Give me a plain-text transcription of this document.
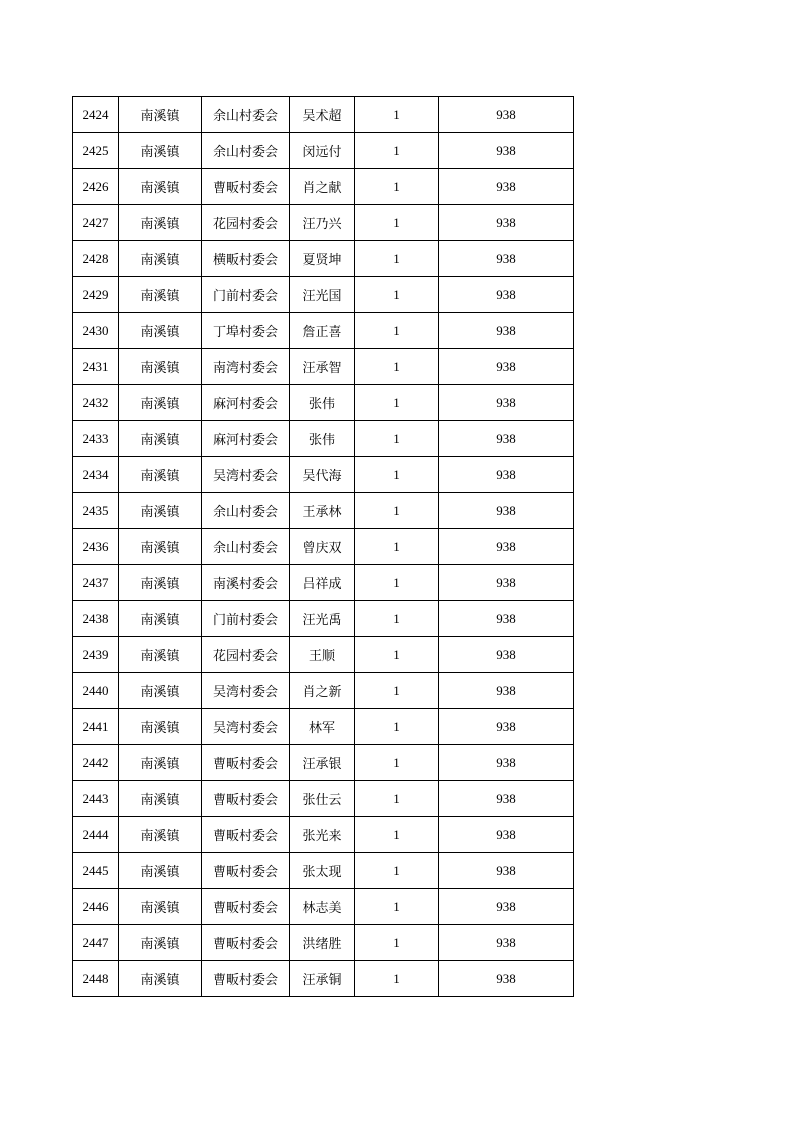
2424	南溪镇	余山村委会	吴术超	1	938
2425	南溪镇	余山村委会	闵远付	1	938
2426	南溪镇	曹畈村委会	肖之献	1	938
2427	南溪镇	花园村委会	汪乃兴	1	938
2428	南溪镇	横畈村委会	夏贤坤	1	938
2429	南溪镇	门前村委会	汪光国	1	938
2430	南溪镇	丁埠村委会	詹正喜	1	938
2431	南溪镇	南湾村委会	汪承智	1	938
2432	南溪镇	麻河村委会	张伟	1	938
2433	南溪镇	麻河村委会	张伟	1	938
2434	南溪镇	吴湾村委会	吴代海	1	938
2435	南溪镇	余山村委会	王承林	1	938
2436	南溪镇	余山村委会	曾庆双	1	938
2437	南溪镇	南溪村委会	吕祥成	1	938
2438	南溪镇	门前村委会	汪光禹	1	938
2439	南溪镇	花园村委会	王顺	1	938
2440	南溪镇	吴湾村委会	肖之新	1	938
2441	南溪镇	吴湾村委会	林军	1	938
2442	南溪镇	曹畈村委会	汪承银	1	938
2443	南溪镇	曹畈村委会	张仕云	1	938
2444	南溪镇	曹畈村委会	张光来	1	938
2445	南溪镇	曹畈村委会	张太现	1	938
2446	南溪镇	曹畈村委会	林志美	1	938
2447	南溪镇	曹畈村委会	洪绪胜	1	938
2448	南溪镇	曹畈村委会	汪承铜	1	938
